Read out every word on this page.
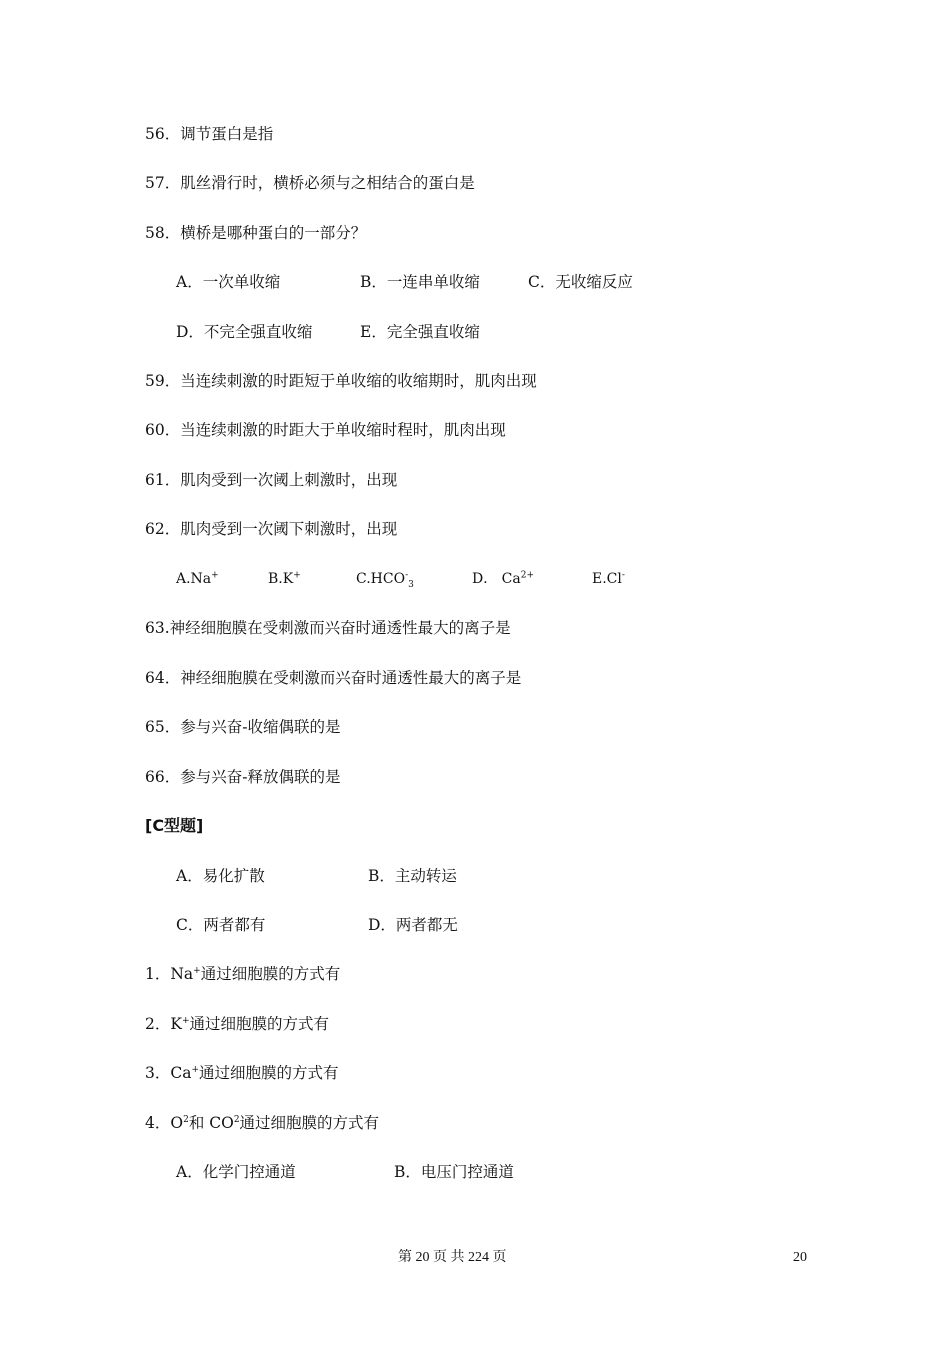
56．调节蛋白是指
57．肌丝滑行时，横桥必须与之相结合的蛋白是
58．横桥是哪种蛋白的一部分？
A．一次单收缩	B．一连串单收缩	C．无收缩反应
D．不完全强直收缩	E．完全强直收缩
59．当连续刺激的时距短于单收缩的收缩期时，肌肉出现
60．当连续刺激的时距大于单收缩时程时，肌肉出现
61．肌肉受到一次阈上刺激时，出现
62．肌肉受到一次阈下刺激时，出现
A.Na+	B.K+	$C.HCO^-_3$	D． $Ca^{2+}$	E.Cl-
63.神经细胞膜在受刺激而兴奋时通透性最大的离子是
64．神经细胞膜在受刺激而兴奋时通透性最大的离子是
65．参与兴奋-收缩偶联的是
66．参与兴奋-释放偶联的是
[C型题]
A．易化扩散	B．主动转运
C．两者都有	D．两者都无
1．Na+通过细胞膜的方式有
2．K+通过细胞膜的方式有
3．Ca+通过细胞膜的方式有
4．$O^2$和 $CO^2$通过细胞膜的方式有
A．化学门控通道	B．电压门控通道
第 20 页 共 224 页	20
